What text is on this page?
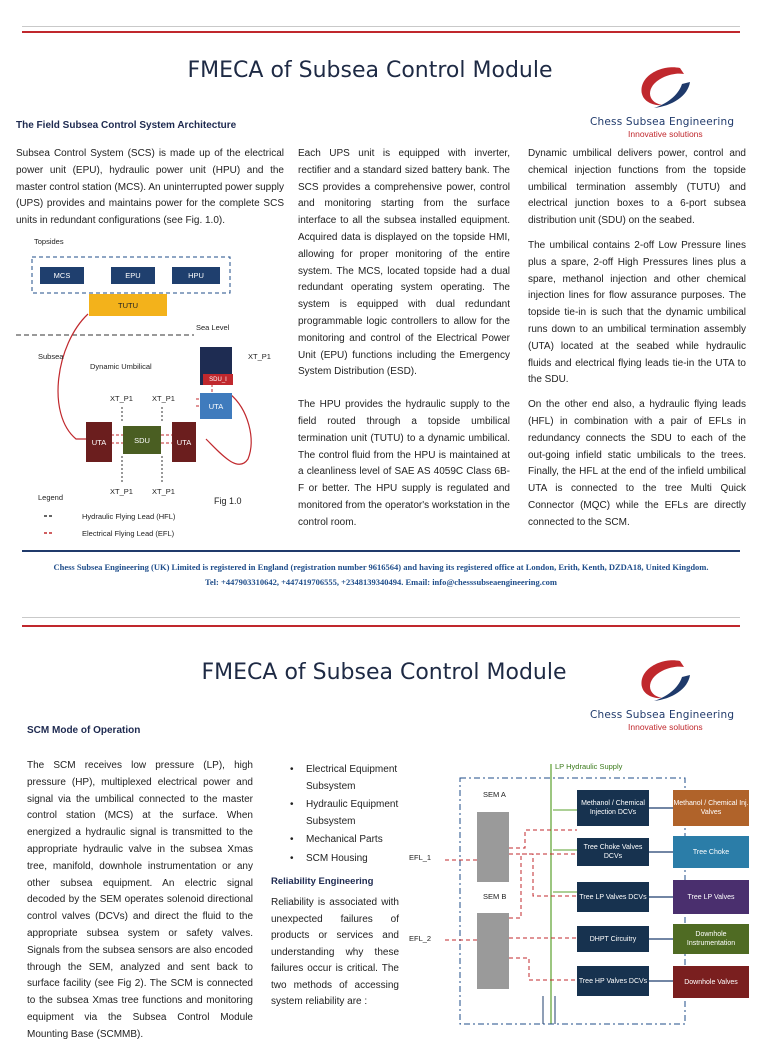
FMECA of Subsea Control Module
Chess Subsea Engineering
Innovative solutions
The Field Subsea Control System Architecture

Subsea Control System (SCS) is made up of the electrical power unit (EPU), hydraulic power unit (HPU) and the master control station (MCS). An uninterrupted power supply (UPS) provides and maintains power for the complete SCS units in redundant configurations (see Fig. 1.0).

Each UPS unit is equipped with inverter, rectifier and a standard sized battery bank. The SCS provides a comprehensive power, control and monitoring starting from the surface interface to all the subsea installed equipment. Acquired data is displayed on the topside HMI, allowing for proper monitoring of the entire system. The MCS, located topside had a dual redundant operating system operating. The system is equipped with dual redundant programmable logic controllers to allow for the monitoring and control of the Electrical Power Unit (EPU) functions including the Emergency System Distribution (ESD).

The HPU provides the hydraulic supply to the field routed through a topside umbilical termination unit (TUTU) to a dynamic umbilical. The control fluid from the HPU is maintained at a cleanliness level of SAE AS 4059C Class 6B-F or better. The HPU supply is regulated and monitored from the operator's workstation in the control room.

Dynamic umbilical delivers power, control and chemical injection functions from the topside umbilical termination assembly (TUTU) and electrical junction boxes to a 6-port subsea distribution unit (SDU) on the seabed.

The umbilical contains 2-off Low Pressure lines plus a spare, 2-off High Pressures lines plus a spare, methanol injection and other chemical injection lines for flow assurance purposes. The topside tie-in is such that the dynamic umbilical runs down to an umbilical termination assembly (UTA) located at the seabed while hydraulic fluids and electrical flying leads tie-in the UTA to the SDU.

On the other end also, a hydraulic flying leads (HFL) in combination with a pair of EFLs in redundancy connects the SDU to each of the out-going infield static umbilicals to the trees. Finally, the HFL at the end of the infield umbilical UTA is connected to the tree Multi Quick Connector (MQC) while the EFLs are directly connected to the SCM.

Topsides
MCS	EPU	HPU
TUTU
Sea Level
Subsea
Dynamic Umbilical
SDU_I
XT_P1
UTA
XT_P1	XT_P1
UTA	SDU	UTA
XT_P1	XT_P1
Legend
Hydraulic Flying Lead (HFL)
Electrical Flying Lead (EFL)
Fig 1.0
Chess Subsea Engineering (UK) Limited is registered in England (registration number 9616564) and having its registered office at London, Erith, Kenth, DZDA18, United Kingdom.
Tel: +447903310642, +447419706555, +2348139340494. Email: info@chesssubseaengineering.com
FMECA of Subsea Control Module
Chess Subsea Engineering
Innovative solutions
SCM Mode of Operation

The SCM receives low pressure (LP), high pressure (HP), multiplexed electrical power and signal via the umbilical connected to the master control station (MCS) at the surface. When energized a hydraulic signal is transmitted to the appropriate hydraulic valve in the subsea Xmas tree, manifold, downhole instrumentation or any other subsea equipment. An electric signal decoded by the SEM operates solenoid directional control valves (DCVs) and direct the fluid to the appropriate subsea system or safety valves. Signals from the subsea sensors are also encoded through the SEM, analyzed and sent back to surface facility (see Fig 2). The SCM is connected to the subsea Xmas tree functions and monitoring equipment via the Subsea Control Module Mounting Base (SCMMB).

• Electrical Equipment Subsystem
• Hydraulic Equipment Subsystem
• Mechanical Parts
• SCM Housing
Reliability Engineering

Reliability is associated with unexpected failures of products or services and understanding why these failures occur is critical. The two methods of accessing system reliability are :

LP Hydraulic Supply
SEM A
SEM B
EFL_1
EFL_2
Methanol / Chemical Injection DCVs
Tree Choke Valves DCVs
Tree LP Valves DCVs
DHPT Circuitry
Tree HP Valves DCVs
Methanol / Chemical Inj. Valves
Tree Choke
Tree LP Valves
Downhole Instrumentation
Downhole Valves
